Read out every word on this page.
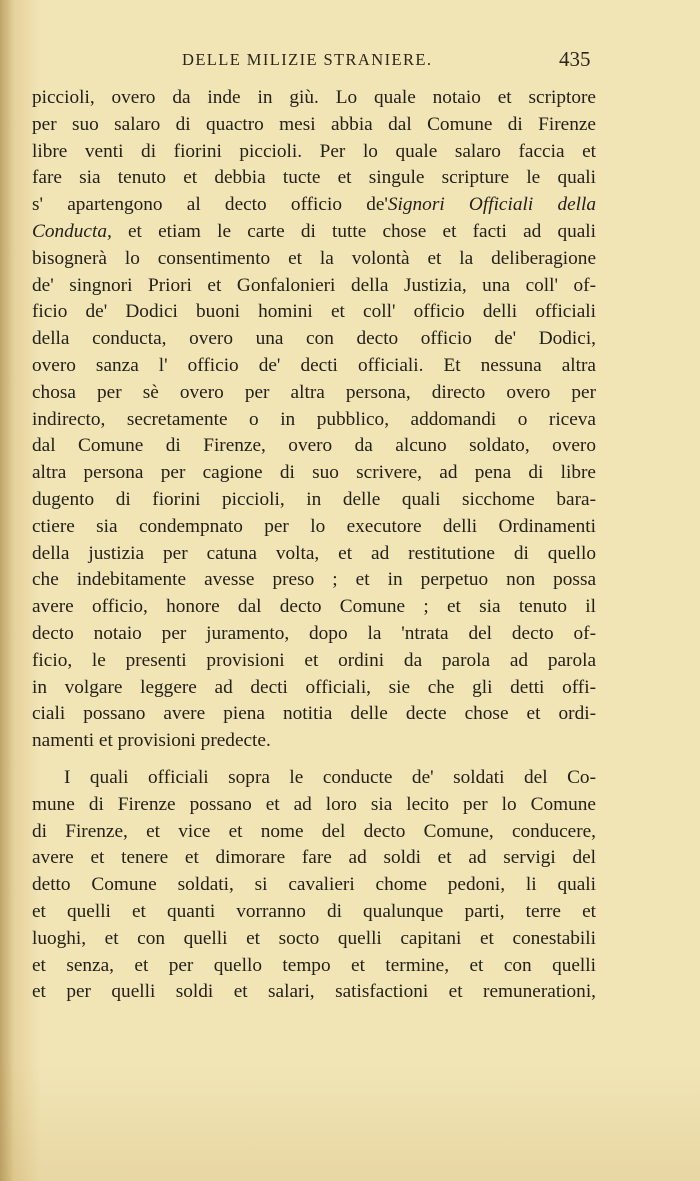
DELLE MILIZIE STRANIERE.	435
piccioli, overo da inde in giù. Lo quale notaio et scriptore
per suo salaro di quactro mesi abbia dal Comune di Firenze
libre venti di fiorini piccioli. Per lo quale salaro faccia et
fare sia tenuto et debbia tucte et singule scripture le quali
s' apartengono al decto officio de'Signori Officiali della
Conducta, et etiam le carte di tutte chose et facti ad quali
bisognerà lo consentimento et la volontà et la deliberagione
de' singnori Priori et Gonfalonieri della Justizia, una coll' of-
ficio de' Dodici buoni homini et coll' officio delli officiali
della conducta, overo una con decto officio de' Dodici,
overo sanza l' officio de' decti officiali. Et nessuna altra
chosa per sè overo per altra persona, directo overo per
indirecto, secretamente o in pubblico, addomandi o riceva
dal Comune di Firenze, overo da alcuno soldato, overo
altra persona per cagione di suo scrivere, ad pena di libre
dugento di fiorini piccioli, in delle quali sicchome bara-
ctiere sia condempnato per lo executore delli Ordinamenti
della justizia per catuna volta, et ad restitutione di quello
che indebitamente avesse preso ; et in perpetuo non possa
avere officio, honore dal decto Comune ; et sia tenuto il
decto notaio per juramento, dopo la 'ntrata del decto of-
ficio, le presenti provisioni et ordini da parola ad parola
in volgare leggere ad decti officiali, sie che gli detti offi-
ciali possano avere piena notitia delle decte chose et ordi-
namenti et provisioni predecte.
I quali officiali sopra le conducte de' soldati del Co-
mune di Firenze possano et ad loro sia lecito per lo Comune
di Firenze, et vice et nome del decto Comune, conducere,
avere et tenere et dimorare fare ad soldi et ad servigi del
detto Comune soldati, si cavalieri chome pedoni, li quali
et quelli et quanti vorranno di qualunque parti, terre et
luoghi, et con quelli et socto quelli capitani et conestabili
et senza, et per quello tempo et termine, et con quelli
et per quelli soldi et salari, satisfactioni et remunerationi,
